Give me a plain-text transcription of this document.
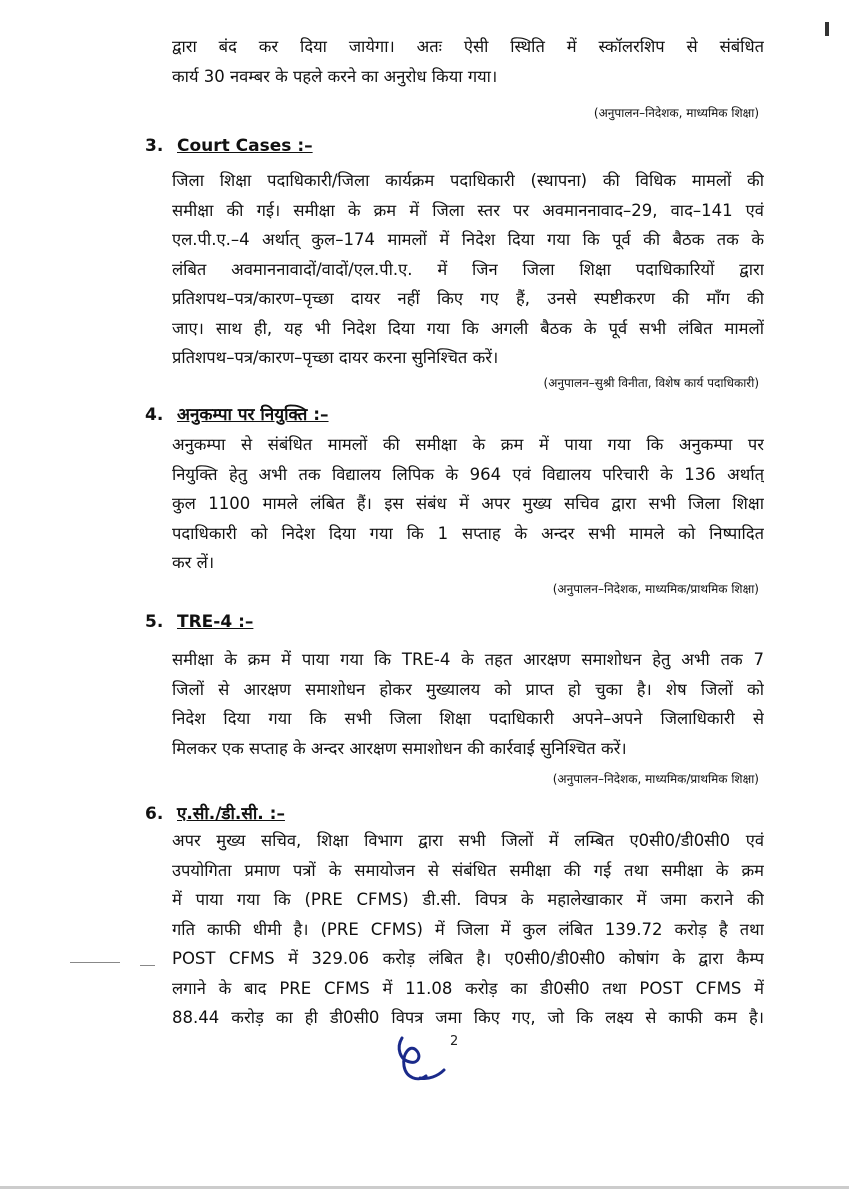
द्वारा बंद कर दिया जायेगा। अतः ऐसी स्थिति में स्कॉलरशिप से संबंधित
कार्य 30 नवम्बर के पहले करने का अनुरोध किया गया।
(अनुपालन–निदेशक, माध्यमिक शिक्षा)
3. Court Cases :–
जिला शिक्षा पदाधिकारी/जिला कार्यक्रम पदाधिकारी (स्थापना) की विधिक मामलों की
समीक्षा की गई। समीक्षा के क्रम में जिला स्तर पर अवमाननावाद–29, वाद–141 एवं
एल.पी.ए.–4 अर्थात् कुल–174 मामलों में निदेश दिया गया कि पूर्व की बैठक तक के
लंबित अवमाननावादों/वादों/एल.पी.ए. में जिन जिला शिक्षा पदाधिकारियों द्वारा
प्रतिशपथ–पत्र/कारण–पृच्छा दायर नहीं किए गए हैं, उनसे स्पष्टीकरण की माँग की
जाए। साथ ही, यह भी निदेश दिया गया कि अगली बैठक के पूर्व सभी लंबित मामलों
प्रतिशपथ–पत्र/कारण–पृच्छा दायर करना सुनिश्चित करें।
(अनुपालन–सुश्री विनीता, विशेष कार्य पदाधिकारी)
4. अनुकम्पा पर नियुक्ति :–
अनुकम्पा से संबंधित मामलों की समीक्षा के क्रम में पाया गया कि अनुकम्पा पर
नियुक्ति हेतु अभी तक विद्यालय लिपिक के 964 एवं विद्यालय परिचारी के 136 अर्थात्
कुल 1100 मामले लंबित हैं। इस संबंध में अपर मुख्य सचिव द्वारा सभी जिला शिक्षा
पदाधिकारी को निदेश दिया गया कि 1 सप्ताह के अन्दर सभी मामले को निष्पादित
कर लें।
(अनुपालन–निदेशक, माध्यमिक/प्राथमिक शिक्षा)
5. TRE-4 :–
समीक्षा के क्रम में पाया गया कि TRE-4 के तहत आरक्षण समाशोधन हेतु अभी तक 7
जिलों से आरक्षण समाशोधन होकर मुख्यालय को प्राप्त हो चुका है। शेष जिलों को
निदेश दिया गया कि सभी जिला शिक्षा पदाधिकारी अपने–अपने जिलाधिकारी से
मिलकर एक सप्ताह के अन्दर आरक्षण समाशोधन की कार्रवाई सुनिश्चित करें।
(अनुपालन–निदेशक, माध्यमिक/प्राथमिक शिक्षा)
6. ए.सी./डी.सी. :–
अपर मुख्य सचिव, शिक्षा विभाग द्वारा सभी जिलों में लम्बित ए0सी0/डी0सी0 एवं
उपयोगिता प्रमाण पत्रों के समायोजन से संबंधित समीक्षा की गई तथा समीक्षा के क्रम
में पाया गया कि (PRE CFMS) डी.सी. विपत्र के महालेखाकार में जमा कराने की
गति काफी धीमी है। (PRE CFMS) में जिला में कुल लंबित 139.72 करोड़ है तथा
POST CFMS में 329.06 करोड़ लंबित है। ए0सी0/डी0सी0 कोषांग के द्वारा कैम्प
लगाने के बाद PRE CFMS में 11.08 करोड़ का डी0सी0 तथा POST CFMS में
88.44 करोड़ का ही डी0सी0 विपत्र जमा किए गए, जो कि लक्ष्य से काफी कम है।
2
